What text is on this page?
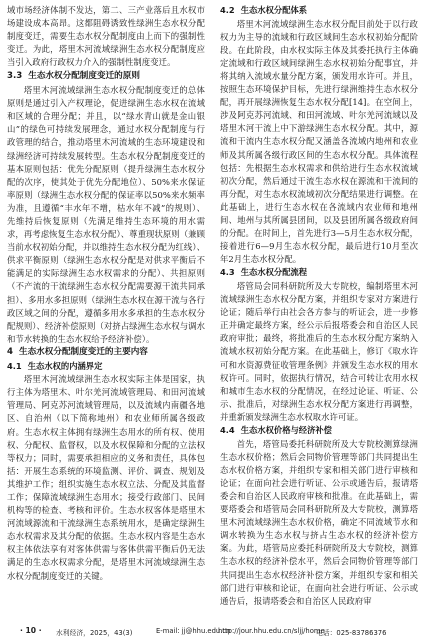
域市场经济体制不发达，第二、三产业落后且水权市场建设成本高昂。这都阻碍诱致性绿洲生态水权分配制度变迁，需要生态水权分配制度由上而下的强制性变迁。为此，塔里木河流域绿洲生态水权分配制度应当引入政府行政权力介入的强制性制度变迁。

3.3 生态水权分配制度变迁的原则

塔里木河流域绿洲生态水权分配制度变迁的总体原则是通过引入产权理论，促进绿洲生态水权在流域和区域的合理分配；并且，以“绿水青山就是金山银山”的绿色可持续发展理念，通过水权分配制度与行政管理的结合，推动塔里木河流域的生态环境建设和绿洲经济可持续发展转型。生态水权分配制度变迁的基本原则包括：优先分配原则（提升绿洲生态水权分配的次序，使其处于优先分配地位）、50%来水保证率原则（绿洲生态水权分配的保证率以50%来水频率为准，且遵循“丰水年不增，枯水年不减”的规则）、先维持后恢复原则（先满足维持生态环境的用水需求，再考虑恢复生态水权分配）、尊重现状原则（兼顾当前水权初始分配，并以维持生态水权分配为红线）、供求平衡原则（绿洲生态水权分配是对供求平衡后不能满足的实际绿洲生态水权需求的分配）、共担原则（不产流的干流绿洲生态水权分配需要源干流共同承担）、多用水多担原则（绿洲生态水权在源干流与各行政区域之间的分配，遵循多用水多承担的生态水权分配规则）、经济补偿原则（对挤占绿洲生态水权与调水和节水转换的生态水权给予经济补偿）。

4 生态水权分配制度变迁的主要内容
4.1 生态水权的内涵界定

塔里木河流域绿洲生态水权实际主体是国家，执行主体为塔里木、叶尔羌河流域管理局、和田河流域管理局、阿克苏河流域管理局，以及流域内南疆各地区、自治州（以下简称地州）和农业师所属各级政府。生态水权主体拥有绿洲生态用水的所有权、使用权、分配权、监督权，以及水权保障和分配的立法权等权力；同时，需要承担相应的义务和责任，具体包括：开展生态系统的环境监测、评价、调查、规划及其维护工作；组织实施生态水权立法、分配及其监督工作；保障流域绿洲生态用水；接受行政部门、民间机构等的检查、考核和评价。生态水权客体是塔里木河流域源流和干流绿洲生态系统用水，是确定绿洲生态水权需求及其分配的依据。生态水权内容是生态水权主体依法享有对客体供需与客体供需平衡后仍无法满足的生态水权需求分配，是塔里木河流域绿洲生态水权分配制度变迁的关键。

4.2 生态水权分配体系

塔里木河流域绿洲生态水权分配目前处于以行政权力为主导的流域和行政区域间生态水权初始分配阶段。在此阶段，由水权实际主体及其委托执行主体确定流域和行政区域间绿洲生态水权初始分配事宜，并将其纳入流域水量分配方案，颁发用水许可。并且，按照生态环境保护目标，先进行绿洲维持生态水权分配，再开展绿洲恢复生态水权分配[14]。在空间上，涉及阿克苏河流域、和田河流域、叶尔羌河流域以及塔里木河干流上中下游绿洲生态水权分配。其中，源流和干流内生态水权分配又涵盖各流域内地州和农业师及其所属各级行政区间的生态水权分配。具体流程包括：先根据生态水权需求和供给进行生态水权流域初次分配，然后通过干流生态水权在源流和干流间的再分配，对生态水权流域初次分配结果进行调整。在此基础上，进行生态水权在各流域内农业师和地州间、地州与其所属县团间，以及县团所属各级政府间的分配。在时间上，首先进行3—5月生态水权分配，接着进行6—9月生态水权分配，最后进行10月至次年2月生态水权分配。

4.3 生态水权分配流程

塔管局会同科研院所及大专院校，编制塔里木河流域绿洲生态水权分配方案，并组织专家对方案进行论证；随后举行由社会各方参与的听证会，进一步修正并确定最终方案，经公示后报塔委会和自治区人民政府审批；最终，将批准后的生态水权分配方案纳入流域水权初始分配方案。在此基础上，修订《取水许可和水资源费征收管理条例》并颁发生态水权的用水权许可。同时，依据执行情况，结合可转让农用水权和城市生态水权的分配情况，在经过论证、听证、公示、批准后，对绿洲生态水权分配方案进行再调整，并重新颁发绿洲生态水权取水许可证。

4.4 生态水权价格与经济补偿

首先，塔管局委托科研院所及大专院校测算绿洲生态水权价格；然后会同物价管理等部门共同提出生态水权价格方案，并组织专家和相关部门进行审核和论证；在面向社会进行听证、公示或通告后，报请塔委会和自治区人民政府审核和批准。在此基础上，需要塔委会和塔管局会同科研院所及大专院校，测算塔里木河流域绿洲生态水权价格，确定不同流域节水和调水转换为生态水权与挤占生态水权的经济补偿方案。为此，塔管局应委托科研院所及大专院校，测算生态水权的经济补偿水平，然后会同物价管理等部门共同提出生态水权经济补偿方案，并组织专家和相关部门进行审核和论证，在面向社会进行听证、公示或通告后，报请塔委会和自治区人民政府审

· 10 · 水利经济，2025，43(3)	E-mail: jj@hhu.edu.cn
http://jour.hhu.edu.cn/sljj/home
电话：025-83786376
